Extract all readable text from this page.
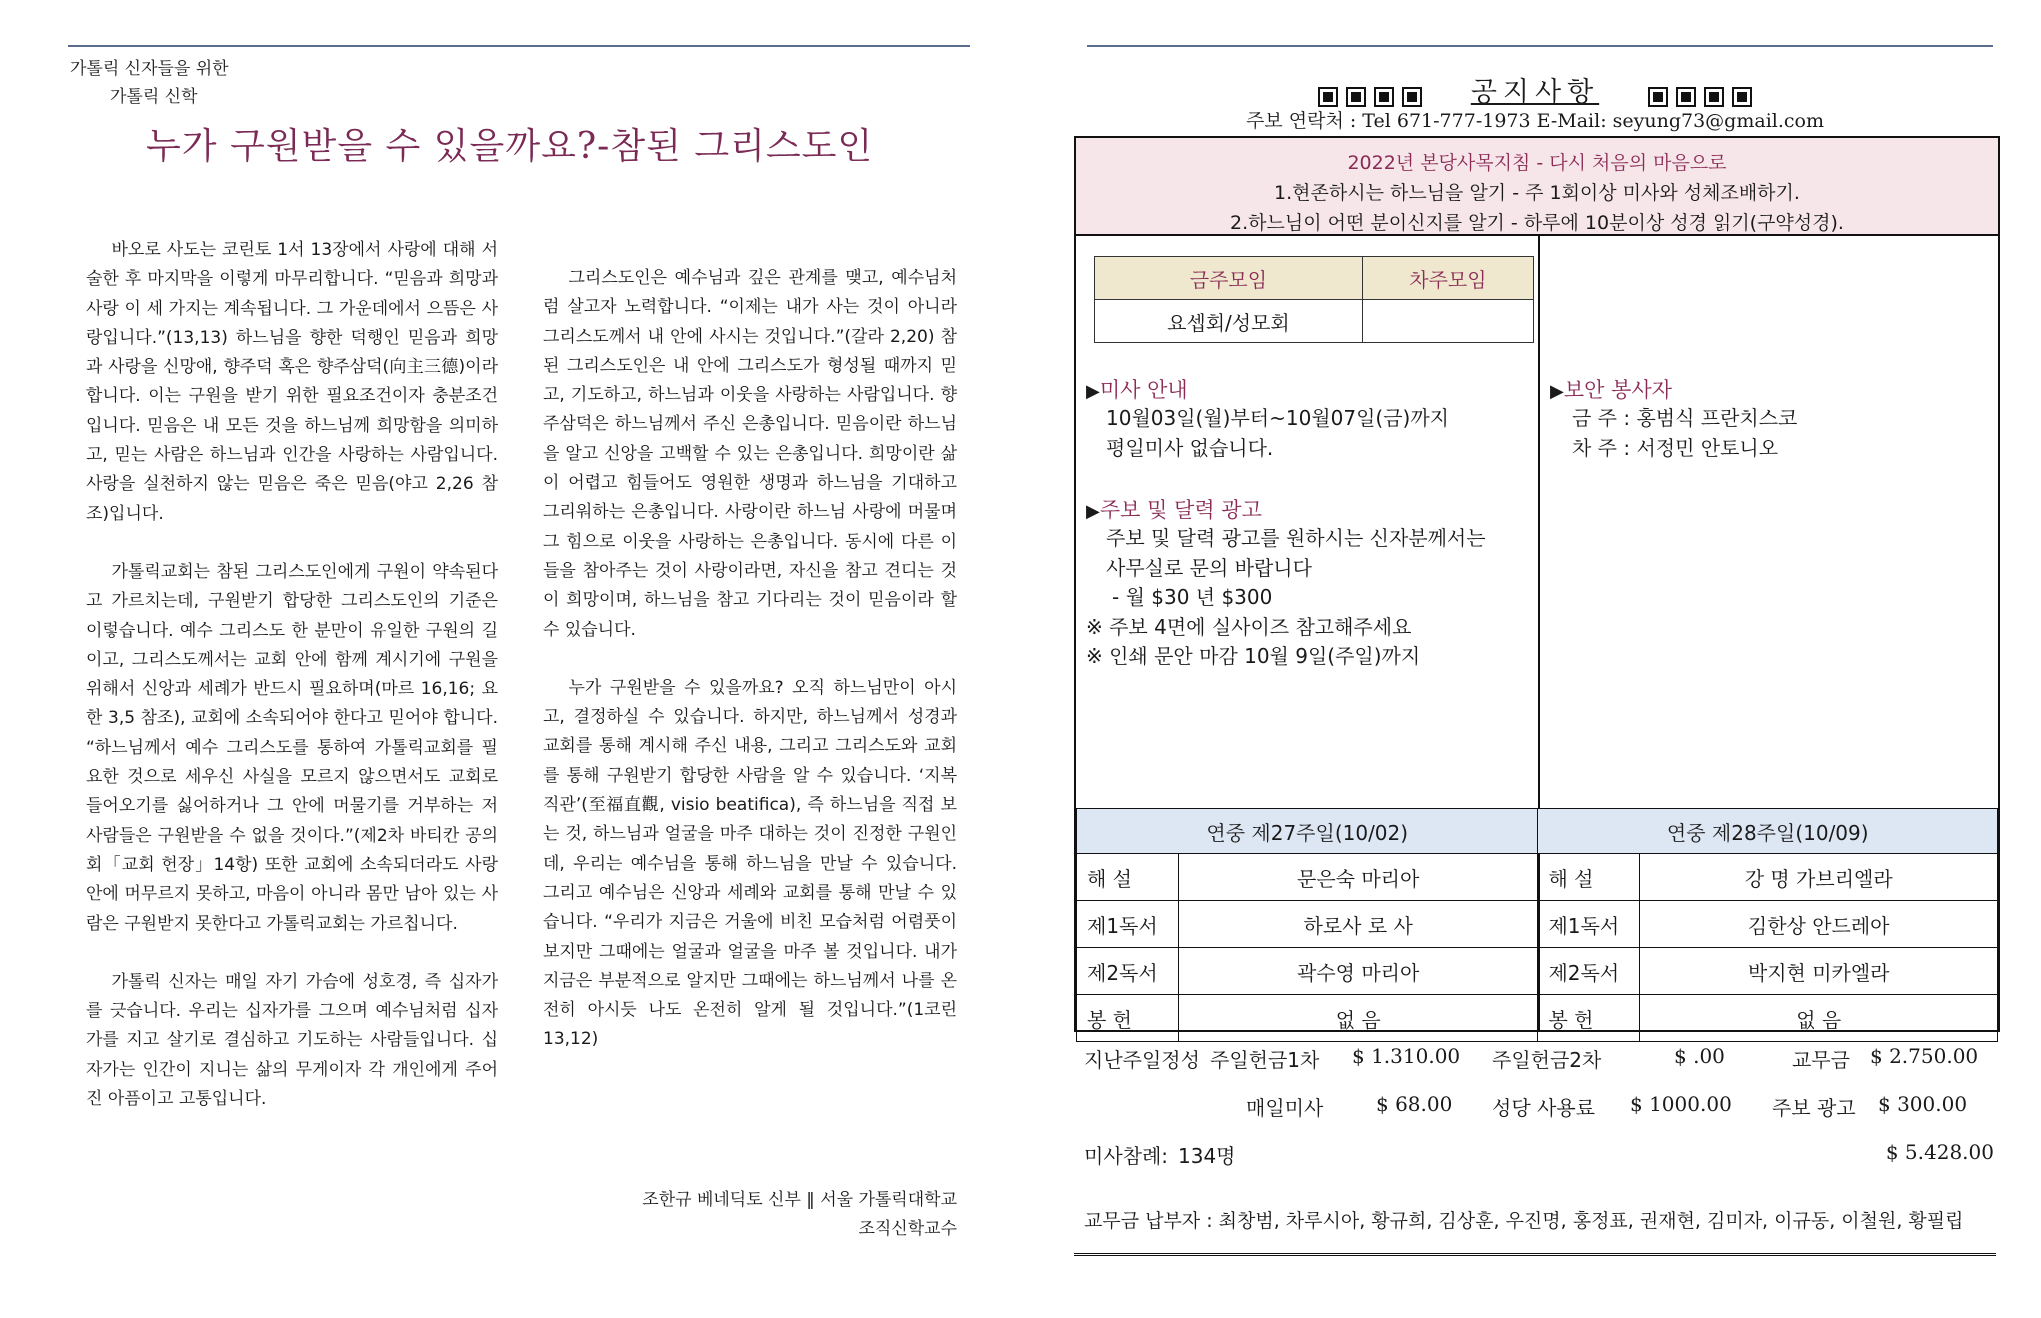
가톨릭 신자들을 위한
가톨릭 신학
누가 구원받을 수 있을까요?-참된 그리스도인

바오로 사도는 코린토 1서 13장에서 사랑에 대해 서술한 후 마지막을 이렇게 마무리합니다. “믿음과 희망과 사랑 이 세 가지는 계속됩니다. 그 가운데에서 으뜸은 사랑입니다.”(13,13) 하느님을 향한 덕행인 믿음과 희망과 사랑을 신망애, 향주덕 혹은 향주삼덕(向主三德)이라 합니다. 이는 구원을 받기 위한 필요조건이자 충분조건입니다. 믿음은 내 모든 것을 하느님께 희망함을 의미하고, 믿는 사람은 하느님과 인간을 사랑하는 사람입니다. 사랑을 실천하지 않는 믿음은 죽은 믿음(야고 2,26 참조)입니다.

가톨릭교회는 참된 그리스도인에게 구원이 약속된다고 가르치는데, 구원받기 합당한 그리스도인의 기준은 이렇습니다. 예수 그리스도 한 분만이 유일한 구원의 길이고, 그리스도께서는 교회 안에 함께 계시기에 구원을 위해서 신앙과 세례가 반드시 필요하며(마르 16,16; 요한 3,5 참조), 교회에 소속되어야 한다고 믿어야 합니다. “하느님께서 예수 그리스도를 통하여 가톨릭교회를 필요한 것으로 세우신 사실을 모르지 않으면서도 교회로 들어오기를 싫어하거나 그 안에 머물기를 거부하는 저 사람들은 구원받을 수 없을 것이다.”(제2차 바티칸 공의회「교회 헌장」14항) 또한 교회에 소속되더라도 사랑 안에 머무르지 못하고, 마음이 아니라 몸만 남아 있는 사람은 구원받지 못한다고 가톨릭교회는 가르칩니다.

가톨릭 신자는 매일 자기 가슴에 성호경, 즉 십자가를 긋습니다. 우리는 십자가를 그으며 예수님처럼 십자가를 지고 살기로 결심하고 기도하는 사람들입니다. 십자가는 인간이 지니는 삶의 무게이자 각 개인에게 주어진 아픔이고 고통입니다.

그리스도인은 예수님과 깊은 관계를 맺고, 예수님처럼 살고자 노력합니다. “이제는 내가 사는 것이 아니라 그리스도께서 내 안에 사시는 것입니다.”(갈라 2,20) 참된 그리스도인은 내 안에 그리스도가 형성될 때까지 믿고, 기도하고, 하느님과 이웃을 사랑하는 사람입니다. 향주삼덕은 하느님께서 주신 은총입니다. 믿음이란 하느님을 알고 신앙을 고백할 수 있는 은총입니다. 희망이란 삶이 어렵고 힘들어도 영원한 생명과 하느님을 기대하고 그리워하는 은총입니다. 사랑이란 하느님 사랑에 머물며 그 힘으로 이웃을 사랑하는 은총입니다. 동시에 다른 이들을 참아주는 것이 사랑이라면, 자신을 참고 견디는 것이 희망이며, 하느님을 참고 기다리는 것이 믿음이라 할 수 있습니다.

누가 구원받을 수 있을까요? 오직 하느님만이 아시고, 결정하실 수 있습니다. 하지만, 하느님께서 성경과 교회를 통해 계시해 주신 내용, 그리고 그리스도와 교회를 통해 구원받기 합당한 사람을 알 수 있습니다. ‘지복직관’(至福直觀, visio beatifica), 즉 하느님을 직접 보는 것, 하느님과 얼굴을 마주 대하는 것이 진정한 구원인데, 우리는 예수님을 통해 하느님을 만날 수 있습니다. 그리고 예수님은 신앙과 세례와 교회를 통해 만날 수 있습니다. “우리가 지금은 거울에 비친 모습처럼 어렴풋이 보지만 그때에는 얼굴과 얼굴을 마주 볼 것입니다. 내가 지금은 부분적으로 알지만 그때에는 하느님께서 나를 온전히 아시듯 나도 온전히 알게 될 것입니다.”(1코린 13,12)

조한규 베네딕토 신부 ‖ 서울 가톨릭대학교
조직신학교수
공지사항
주보 연락처 : Tel 671-777-1973 E-Mail: seyung73@gmail.com
2022년 본당사목지침 - 다시 처음의 마음으로
1.현존하시는 하느님을 알기 - 주 1회이상 미사와 성체조배하기.
2.하느님이 어떤 분이신지를 알기 - 하루에 10분이상 성경 읽기(구약성경).
금주모임	차주모임
요셉회/성모회	
▶미사 안내
10월03일(월)부터~10월07일(금)까지
평일미사 없습니다.
▶주보 및 달력 광고
주보 및 달력 광고를 원하시는 신자분께서는
사무실로 문의 바랍니다
- 월 $30 년 $300
※ 주보 4면에 실사이즈 참고해주세요
※ 인쇄 문안 마감 10월 9일(주일)까지
▶보안 봉사자
금 주 : 홍범식 프란치스코
차 주 : 서정민 안토니오
연중 제27주일(10/02)		연중 제28주일(10/09)	
해 설	문은숙 마리아	해 설	강 명 가브리엘라
제1독서	하로사 로 사	제1독서	김한상 안드레아
제2독서	곽수영 마리아	제2독서	박지현 미카엘라
봉 헌	없 음	봉 헌	없 음
지난주일정성 주일헌금1차 $ 1.310.00 주일헌금2차	$ .00	교무금 $ 2.750.00
매일미사	$ 68.00 성당 사용료 $ 1000.00 주보 광고 $ 300.00
미사참례: 134명	$ 5.428.00
교무금 납부자 : 최창범, 차루시아, 황규희, 김상훈, 우진명, 홍정표, 권재현, 김미자, 이규동, 이철원, 황필립
